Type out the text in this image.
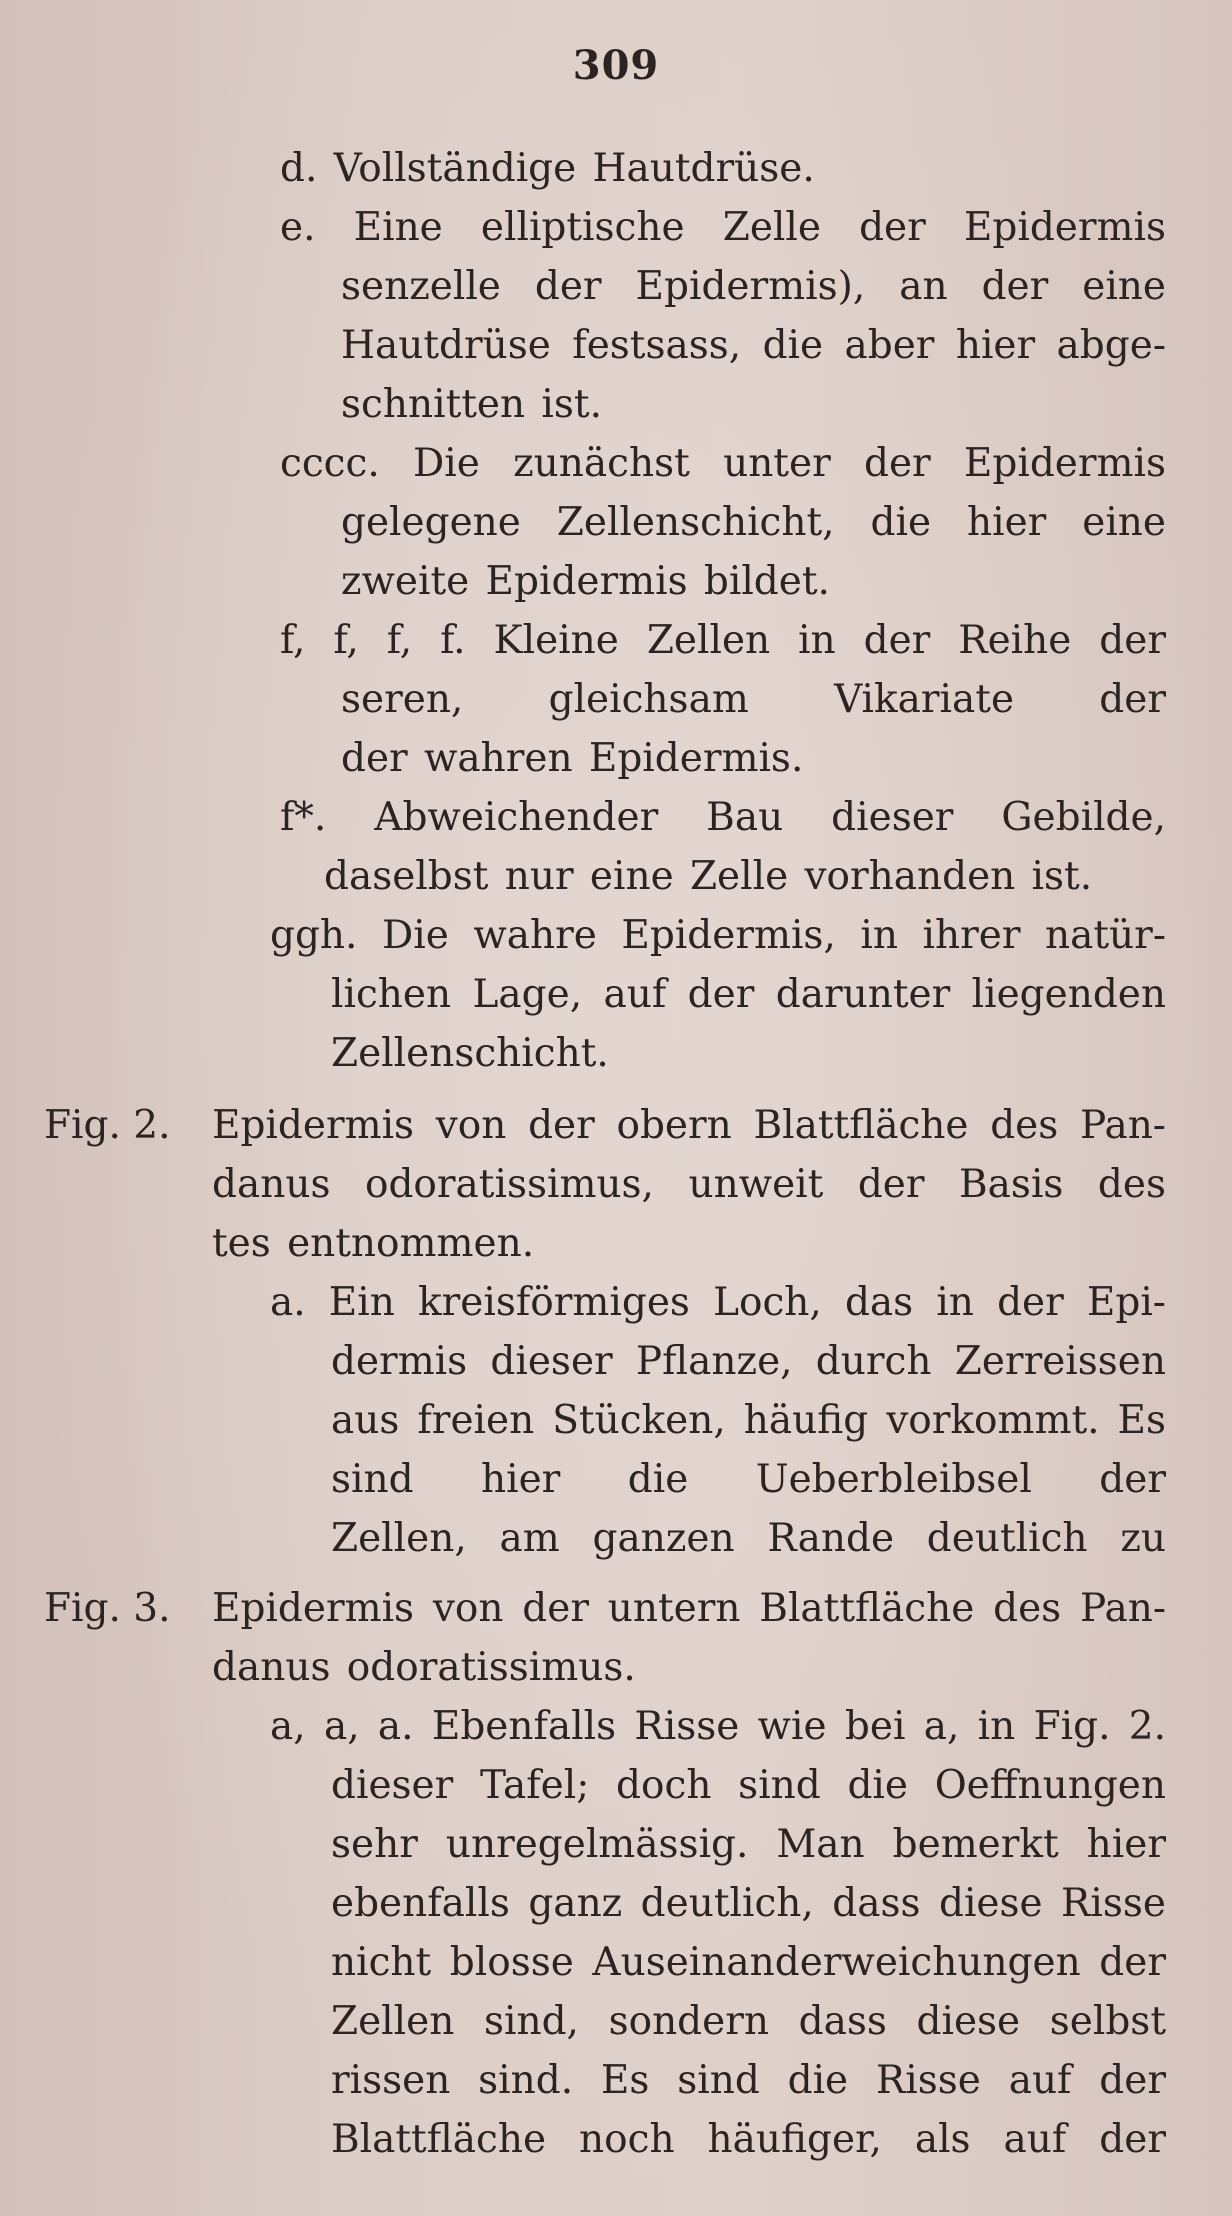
309
d. Vollständige Hautdrüse.
e. Eine elliptische Zelle der Epidermis
senzelle der Epidermis), an der eine
Hautdrüse festsass, die aber hier abge-
schnitten ist.
cccc. Die zunächst unter der Epidermis
gelegene Zellenschicht, die hier eine
zweite Epidermis bildet.
f, f, f, f. Kleine Zellen in der Reihe der
seren, gleichsam Vikariate der
der wahren Epidermis.
f*. Abweichender Bau dieser Gebilde,
daselbst nur eine Zelle vorhanden ist.
ggh. Die wahre Epidermis, in ihrer natür-
lichen Lage, auf der darunter liegenden
Zellenschicht.
Fig. 2. Epidermis von der obern Blattfläche des Pan-
danus odoratissimus, unweit der Basis des
tes entnommen.
a. Ein kreisförmiges Loch, das in der Epi-
dermis dieser Pflanze, durch Zerreissen
aus freien Stücken, häufig vorkommt. Es
sind hier die Ueberbleibsel der
Zellen, am ganzen Rande deutlich zu
Fig. 3. Epidermis von der untern Blattfläche des Pan-
danus odoratissimus.
a, a, a. Ebenfalls Risse wie bei a, in Fig. 2.
dieser Tafel; doch sind die Oeffnungen
sehr unregelmässig. Man bemerkt hier
ebenfalls ganz deutlich, dass diese Risse
nicht blosse Auseinanderweichungen der
Zellen sind, sondern dass diese selbst
rissen sind. Es sind die Risse auf der
Blattfläche noch häufiger, als auf der
